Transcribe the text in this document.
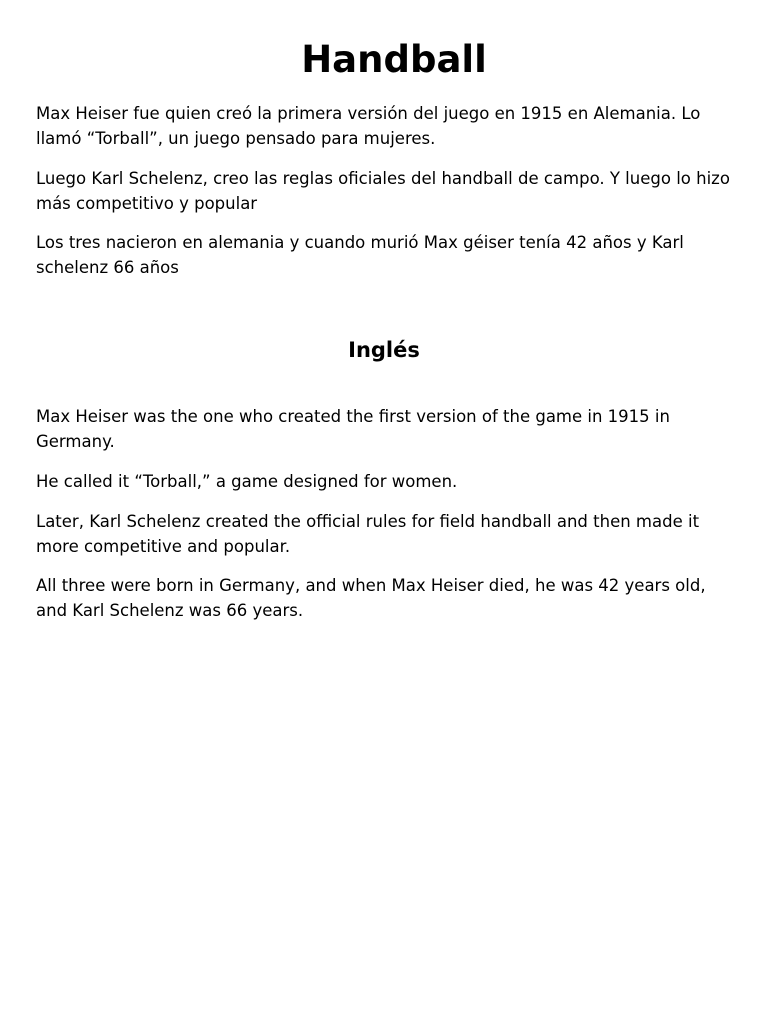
Handball

Max Heiser fue quien creó la primera versión del juego en 1915 en Alemania. Lo llamó “Torball”, un juego pensado para mujeres.

Luego Karl Schelenz, creo las reglas oficiales del handball de campo. Y luego lo hizo más competitivo y popular

Los tres nacieron en alemania y cuando murió Max géiser tenía 42 años y Karl schelenz 66 años

Inglés

Max Heiser was the one who created the first version of the game in 1915 in Germany.

He called it “Torball,” a game designed for women.

Later, Karl Schelenz created the official rules for field handball and then made it more competitive and popular.

All three were born in Germany, and when Max Heiser died, he was 42 years old, and Karl Schelenz was 66 years.
